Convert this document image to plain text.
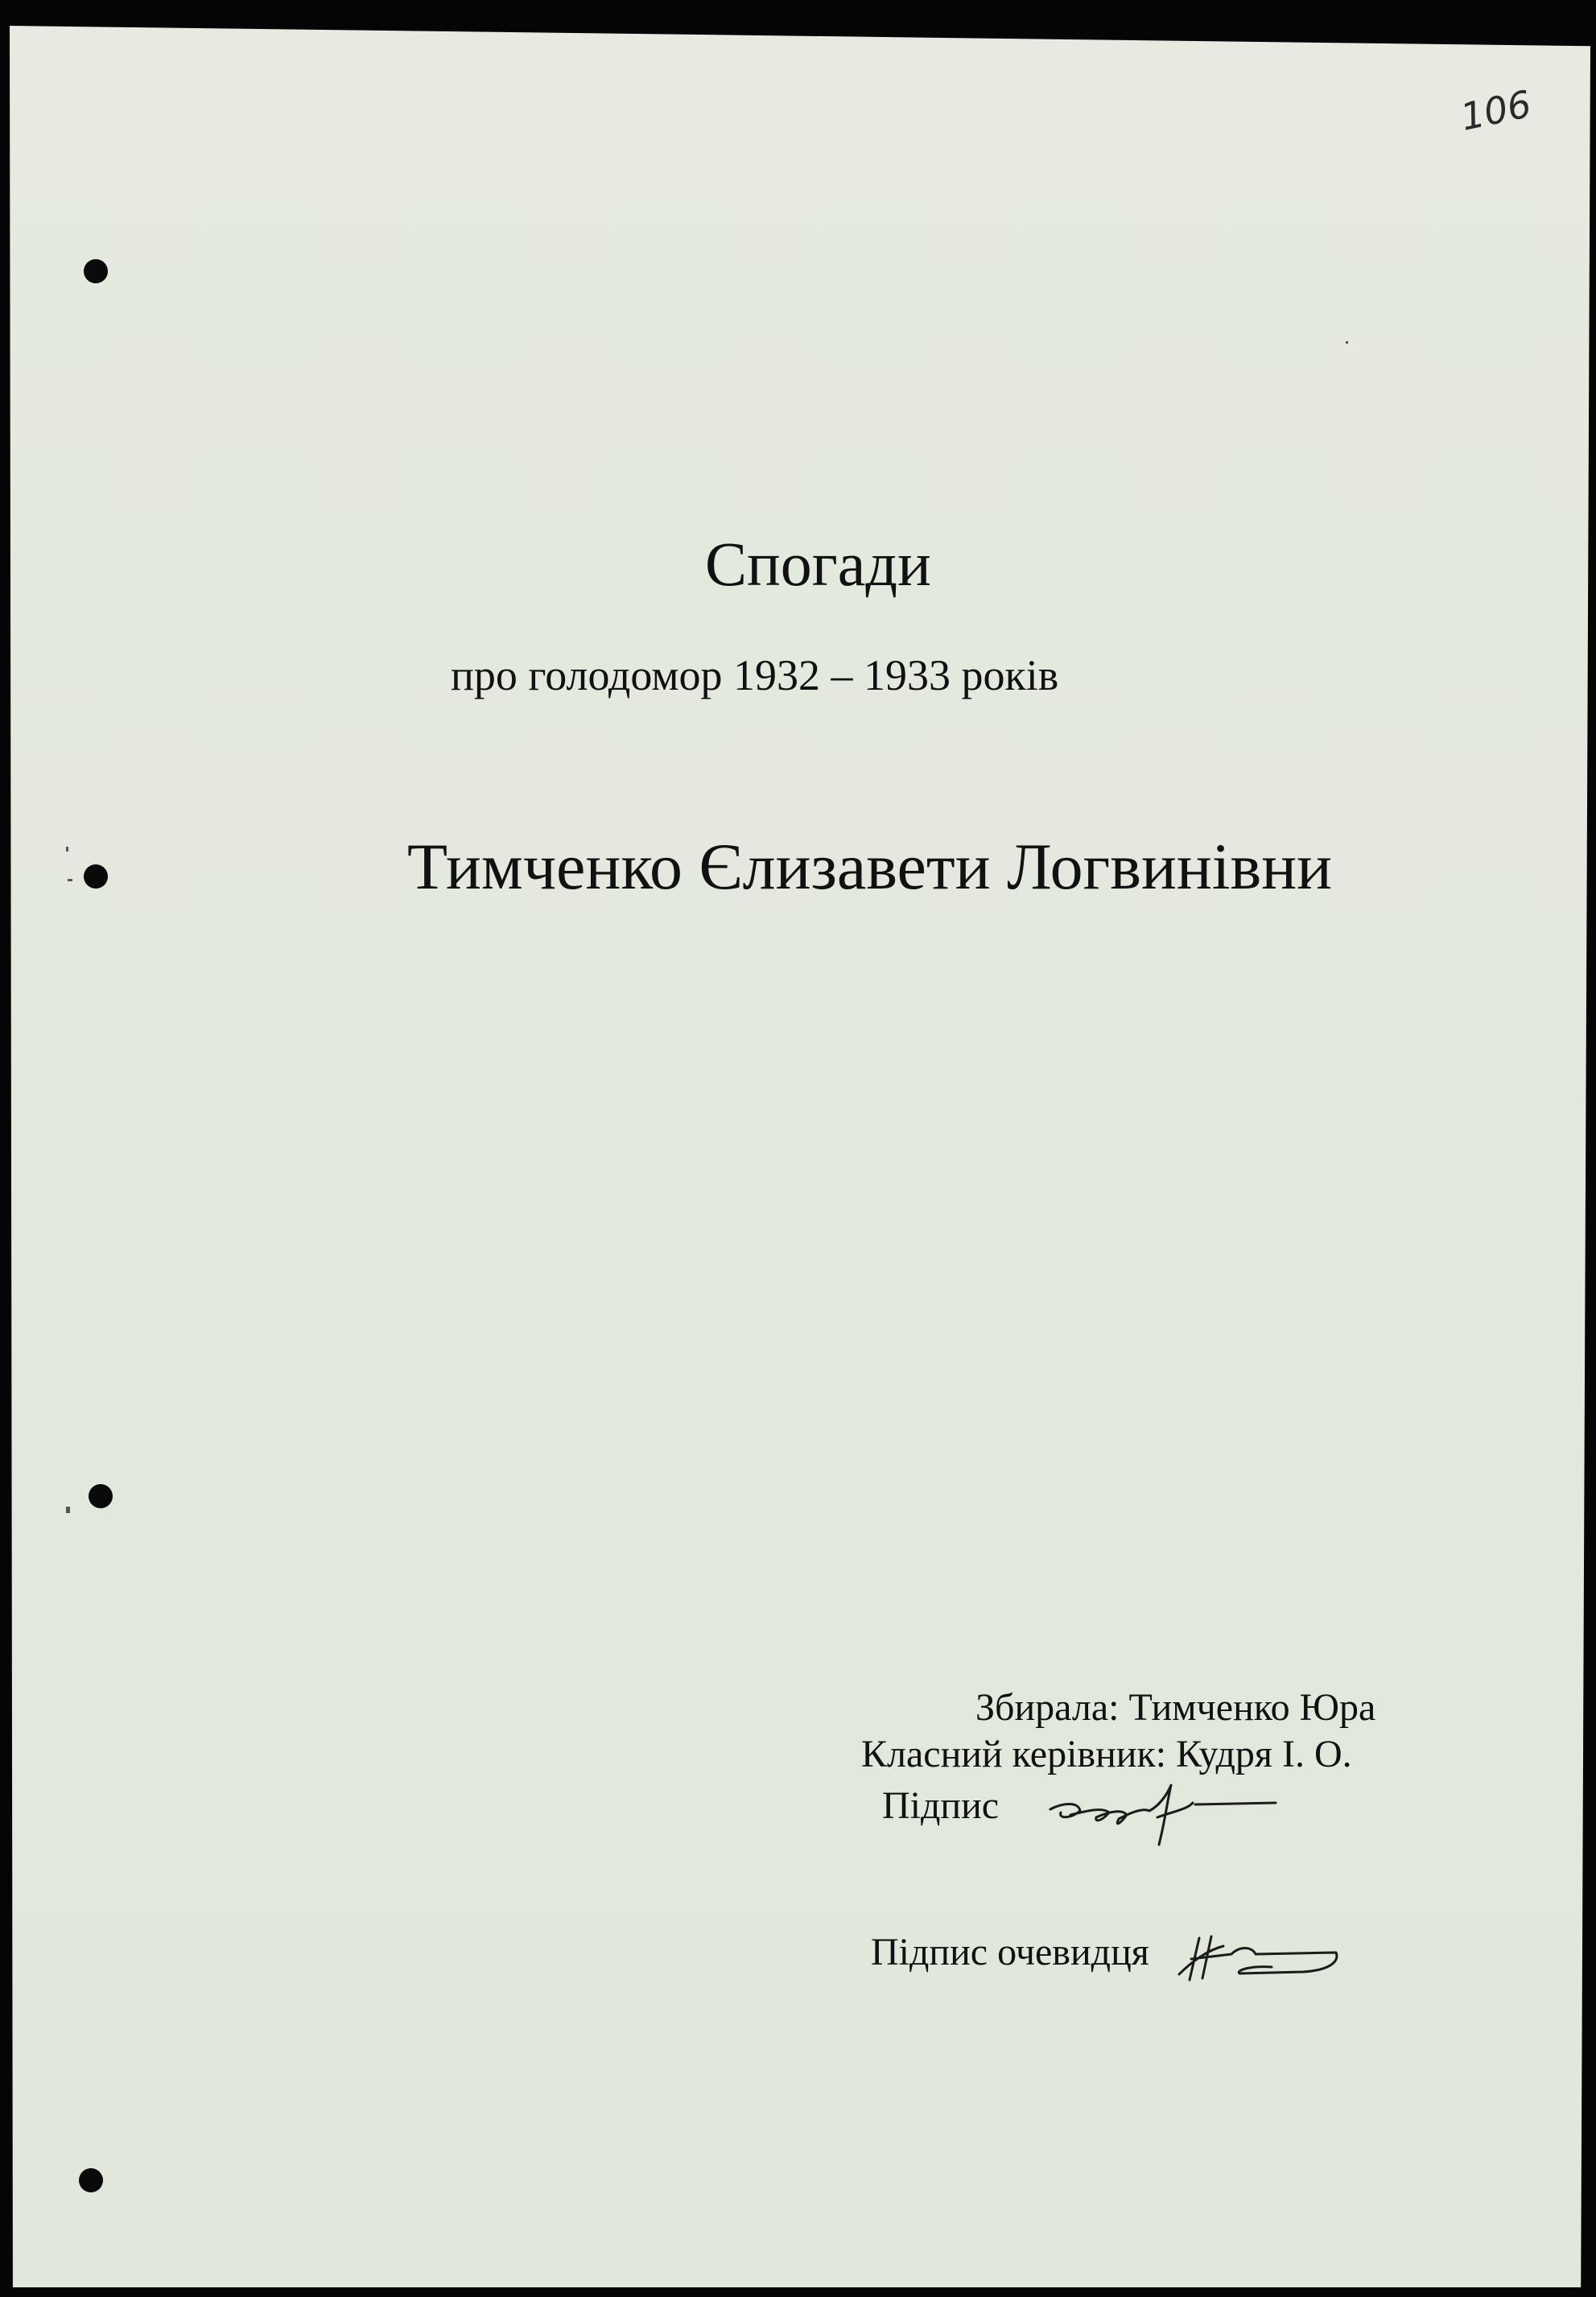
106
Спогади
про голодомор 1932 – 1933 років
Тимченко Єлизавети Логвинівни
Збирала: Тимченко Юра
Класний керівник: Кудря І. О.
Підпис
Підпис очевидця
